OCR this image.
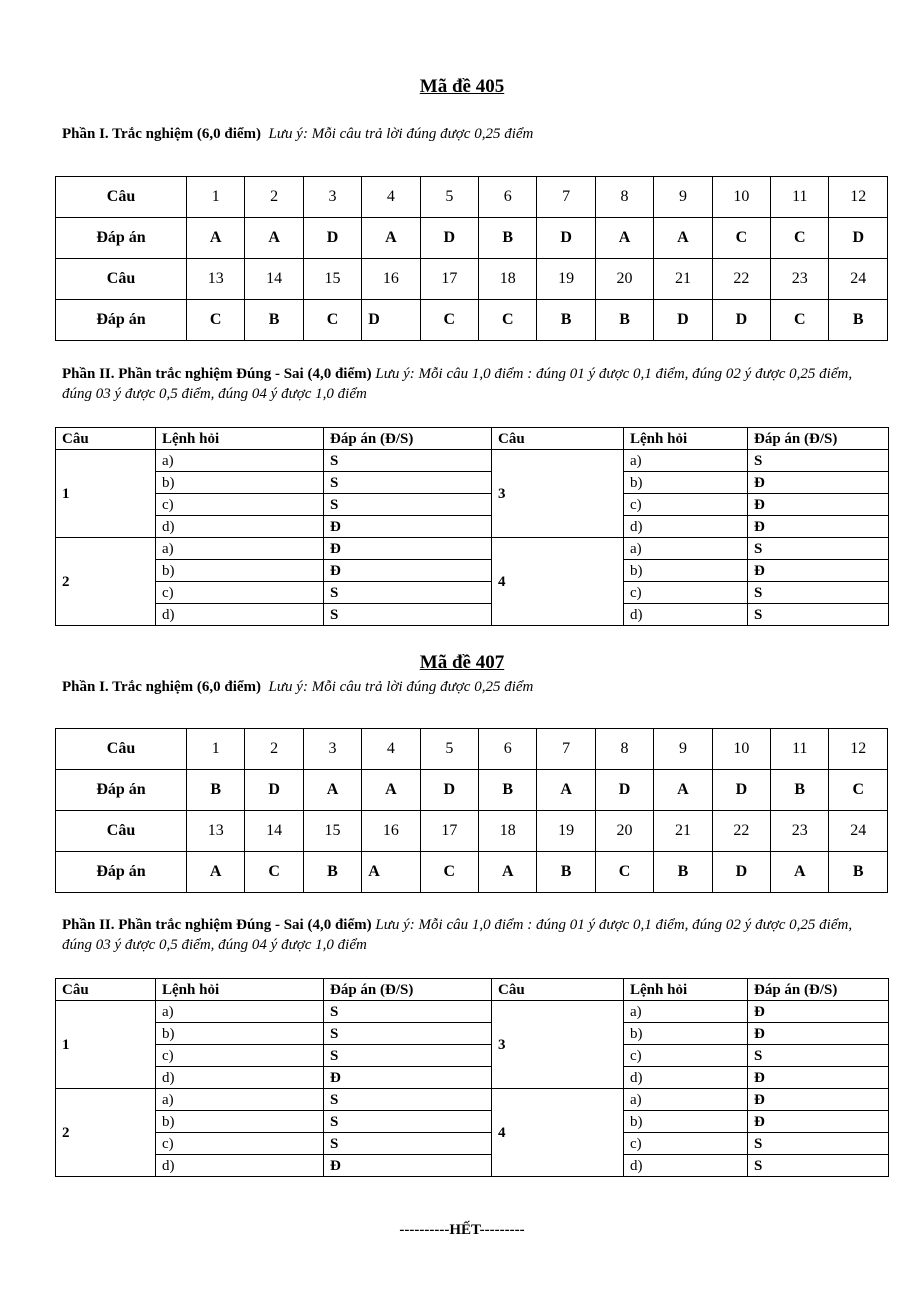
Mã đề 405
Phần I. Trắc nghiệm (6,0 điểm) Lưu ý: Mỗi câu trả lời đúng được 0,25 điểm
Câu	1	2	3	4	5	6	7	8	9	10	11	12
Đáp án	A	A	D	A	D	B	D	A	A	C	C	D
Câu	13	14	15	16	17	18	19	20	21	22	23	24
Đáp án	C	B	C	D	C	C	B	B	D	D	C	B
Phần II. Phần trắc nghiệm Đúng - Sai (4,0 điểm) Lưu ý: Mỗi câu 1,0 điểm : đúng 01 ý được 0,1 điểm, đúng 02 ý được 0,25 điểm, đúng 03 ý được 0,5 điểm, đúng 04 ý được 1,0 điểm
Câu	Lệnh hỏi	Đáp án (Đ/S)	Câu	Lệnh hỏi	Đáp án (Đ/S)
1	a)	S	3	a)	S
	b)	S		b)	Đ
	c)	S		c)	Đ
	d)	Đ		d)	Đ
2	a)	Đ	4	a)	S
	b)	Đ		b)	Đ
	c)	S		c)	S
	d)	S		d)	S
Mã đề 407
Phần I. Trắc nghiệm (6,0 điểm) Lưu ý: Mỗi câu trả lời đúng được 0,25 điểm
Câu	1	2	3	4	5	6	7	8	9	10	11	12
Đáp án	B	D	A	A	D	B	A	D	A	D	B	C
Câu	13	14	15	16	17	18	19	20	21	22	23	24
Đáp án	A	C	B	A	C	A	B	C	B	D	A	B
Phần II. Phần trắc nghiệm Đúng - Sai (4,0 điểm) Lưu ý: Mỗi câu 1,0 điểm : đúng 01 ý được 0,1 điểm, đúng 02 ý được 0,25 điểm, đúng 03 ý được 0,5 điểm, đúng 04 ý được 1,0 điểm
Câu	Lệnh hỏi	Đáp án (Đ/S)	Câu	Lệnh hỏi	Đáp án (Đ/S)
1	a)	S	3	a)	Đ
	b)	S		b)	Đ
	c)	S		c)	S
	d)	Đ		d)	Đ
2	a)	S	4	a)	Đ
	b)	S		b)	Đ
	c)	S		c)	S
	d)	Đ		d)	S
----------HẾT---------
